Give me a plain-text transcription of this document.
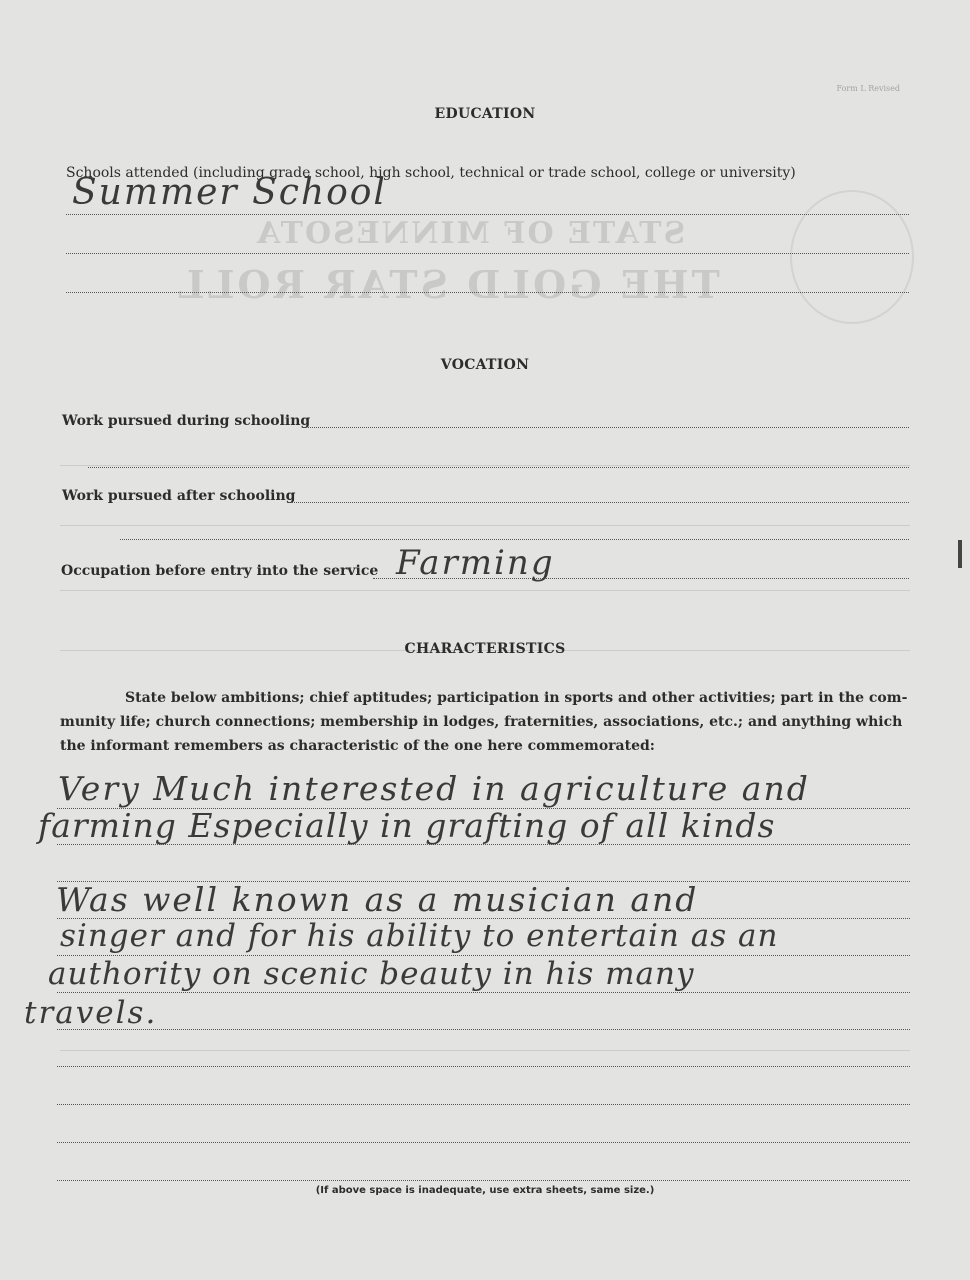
STATE OF MINNESOTA
THE GOLD STAR ROLL
Form L Revised
EDUCATION
Schools attended (including grade school, high school, technical or trade school, college or university)
Summer School
VOCATION
Work pursued during schooling
Work pursued after schooling
Occupation before entry into the service Farming
CHARACTERISTICS
State below ambitions; chief aptitudes; participation in sports and other activities; part in the com-
munity life; church connections; membership in lodges, fraternities, associations, etc.; and anything which
the informant remembers as characteristic of the one here commemorated:
Very Much interested in agriculture and
farming Especially in grafting of all kinds
Was well known as a musician and
singer and for his ability to entertain as an
authority on scenic beauty in his many
travels.
(If above space is inadequate, use extra sheets, same size.)
